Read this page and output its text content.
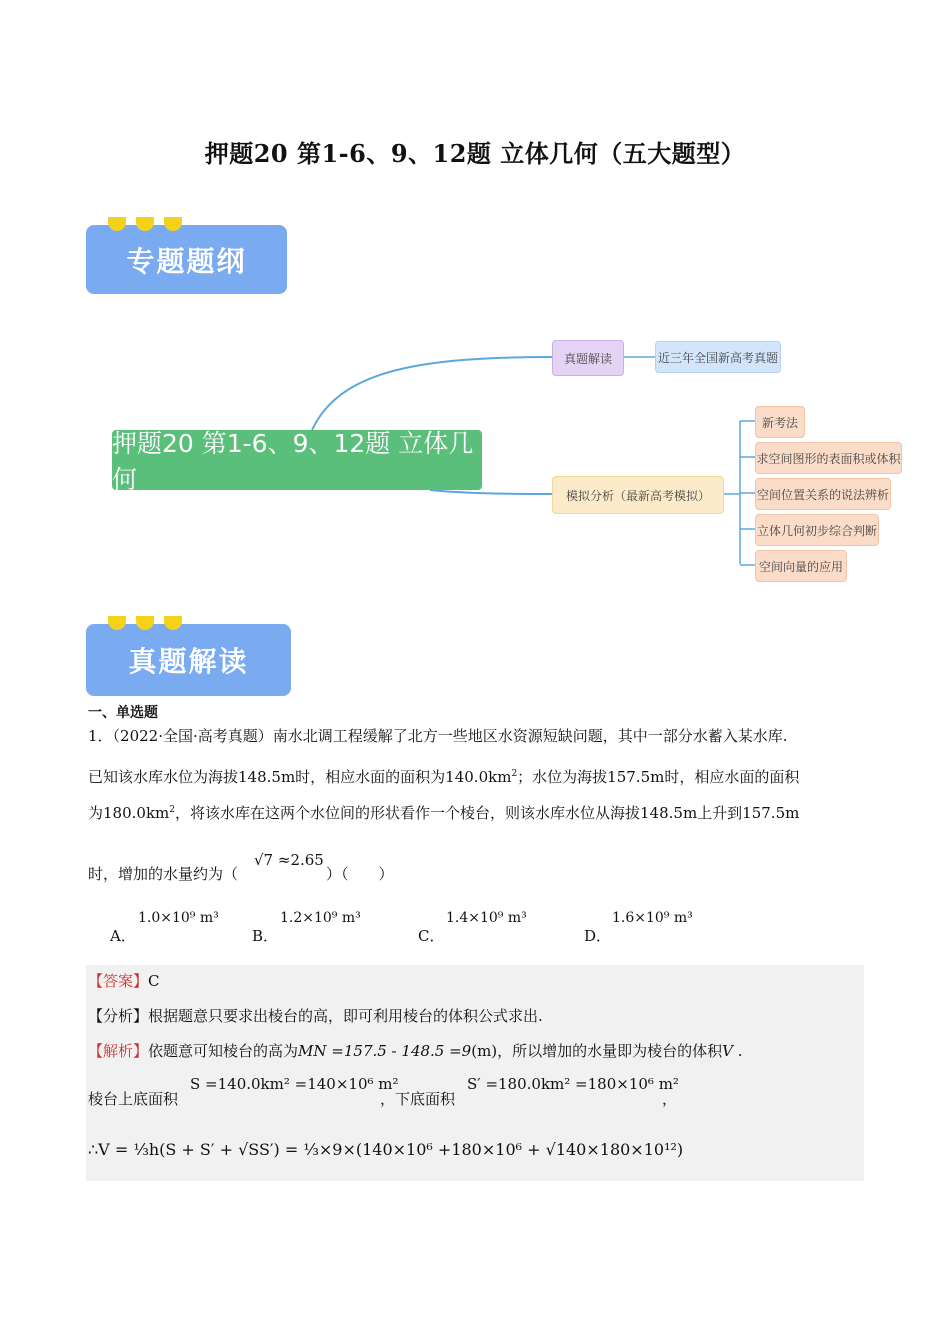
押题20 第1-6、9、12题 立体几何（五大题型）
专题题纲
押题20 第1-6、9、12题 立体几何
真题解读	近三年全国新高考真题
模拟分析（最新高考模拟）
新考法
求空间图形的表面积或体积
空间位置关系的说法辨析
立体几何初步综合判断
空间向量的应用
真题解读
一、单选题
1．（2022·全国·高考真题）南水北调工程缓解了北方一些地区水资源短缺问题，其中一部分水蓄入某水库.
已知该水库水位为海拔148.5m时，相应水面的面积为$140.0km^2$；水位为海拔157.5m时，相应水面的面积
为$180.0km^2$，将该水库在这两个水位间的形状看作一个棱台，则该水库水位从海拔148.5m上升到157.5m
时，增加的水量约为（
√7 ≈2.65
）（　　）
A．
1.0×10⁹ m³
B．
1.2×10⁹ m³
C．
1.4×10⁹ m³
D．
1.6×10⁹ m³
【答案】C
【分析】根据题意只要求出棱台的高，即可利用棱台的体积公式求出.
【解析】依题意可知棱台的高为MN =157.5 - 148.5 =9(m)，所以增加的水量即为棱台的体积V .
棱台上底面积
S =140.0km² =140×10⁶ m²
，下底面积
S′ =180.0km² =180×10⁶ m²
，
∴V = ⅓h(S + S′ + √SS′) = ⅓×9×(140×10⁶ +180×10⁶ + √140×180×10¹²)
